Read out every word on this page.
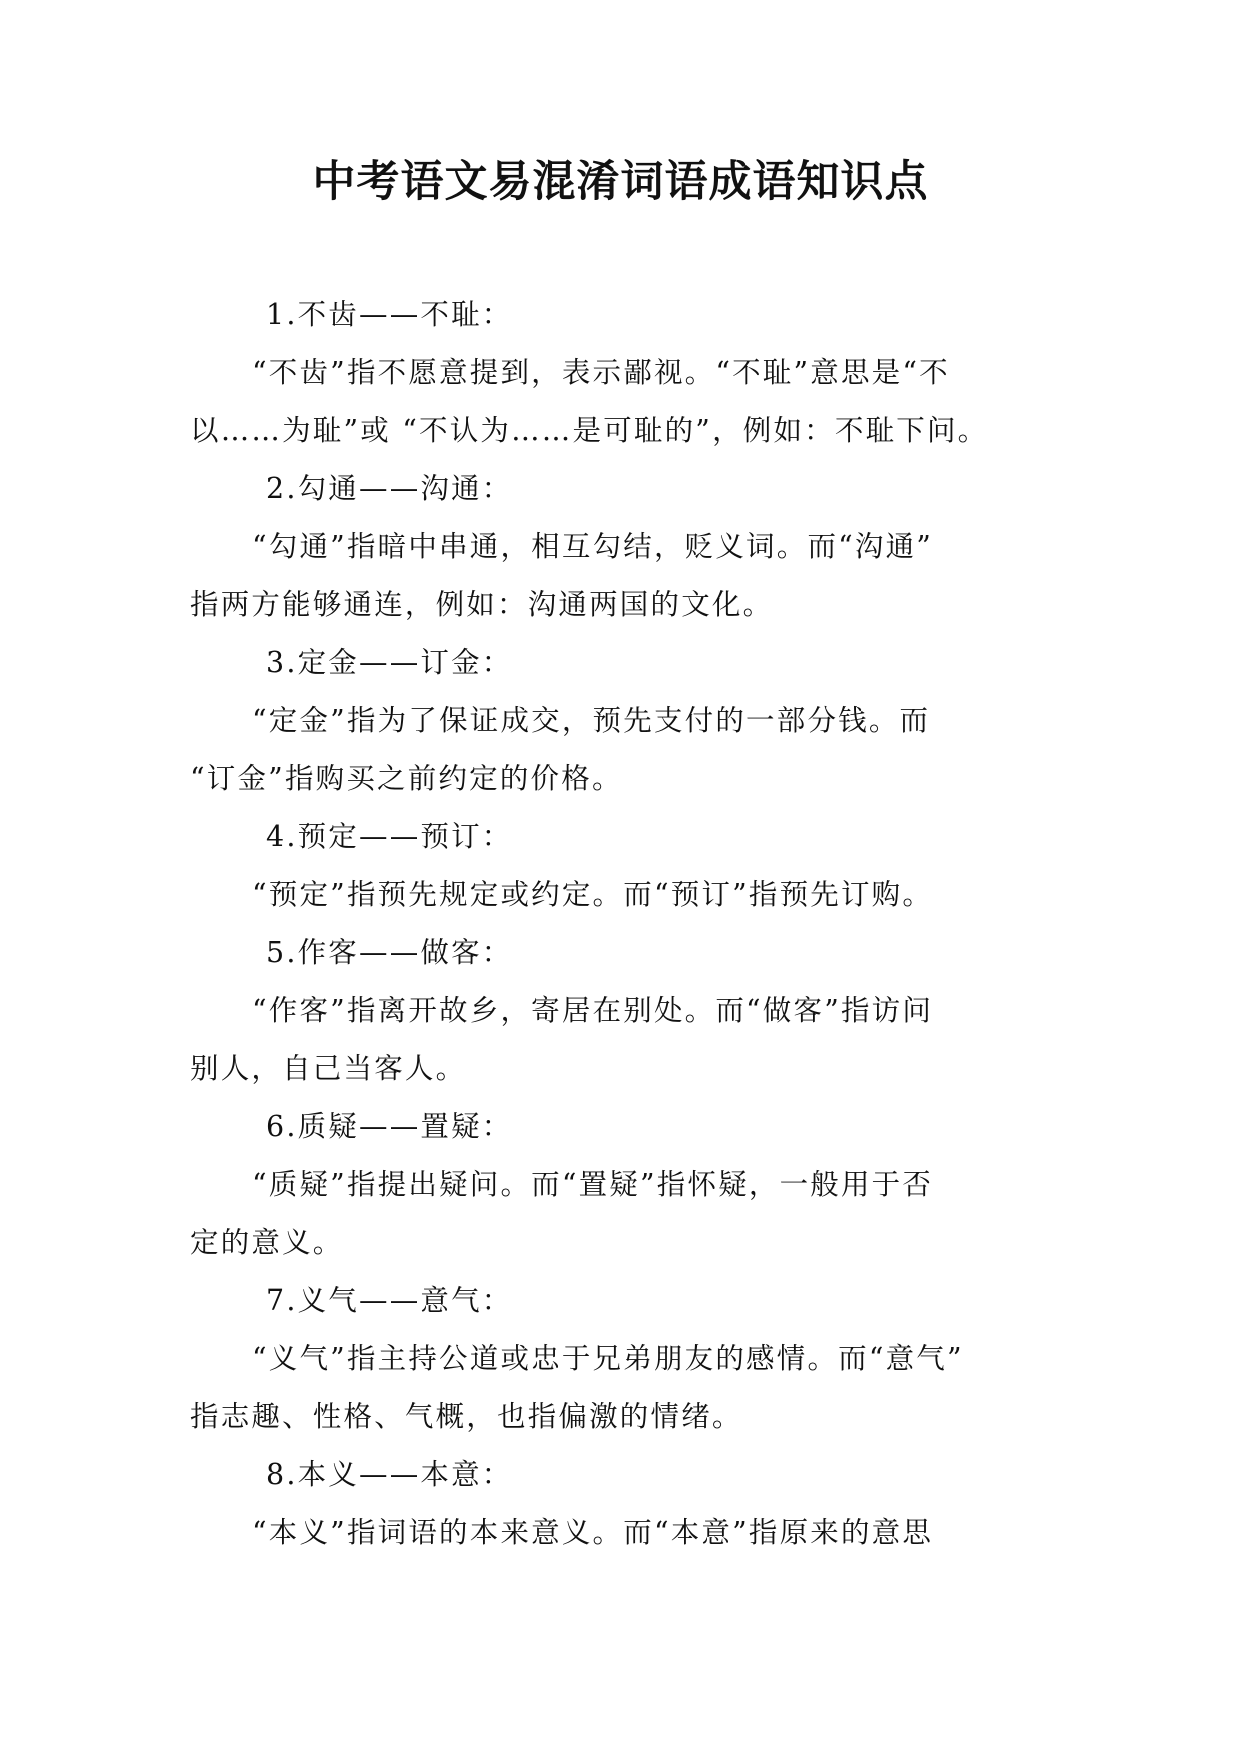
中考语文易混淆词语成语知识点

1.不齿——不耻：

“不齿”指不愿意提到，表示鄙视。“不耻”意思是“不

以……为耻”或 “不认为……是可耻的”，例如：不耻下问。

2.勾通——沟通：

“勾通”指暗中串通，相互勾结，贬义词。而“沟通”

指两方能够通连，例如：沟通两国的文化。

3.定金——订金：

“定金”指为了保证成交，预先支付的一部分钱。而

“订金”指购买之前约定的价格。

4.预定——预订：

“预定”指预先规定或约定。而“预订”指预先订购。

5.作客——做客：

“作客”指离开故乡，寄居在别处。而“做客”指访问

别人，自己当客人。

6.质疑——置疑：

“质疑”指提出疑问。而“置疑”指怀疑，一般用于否

定的意义。

7.义气——意气：

“义气”指主持公道或忠于兄弟朋友的感情。而“意气”

指志趣、性格、气概，也指偏激的情绪。

8.本义——本意：

“本义”指词语的本来意义。而“本意”指原来的意思
